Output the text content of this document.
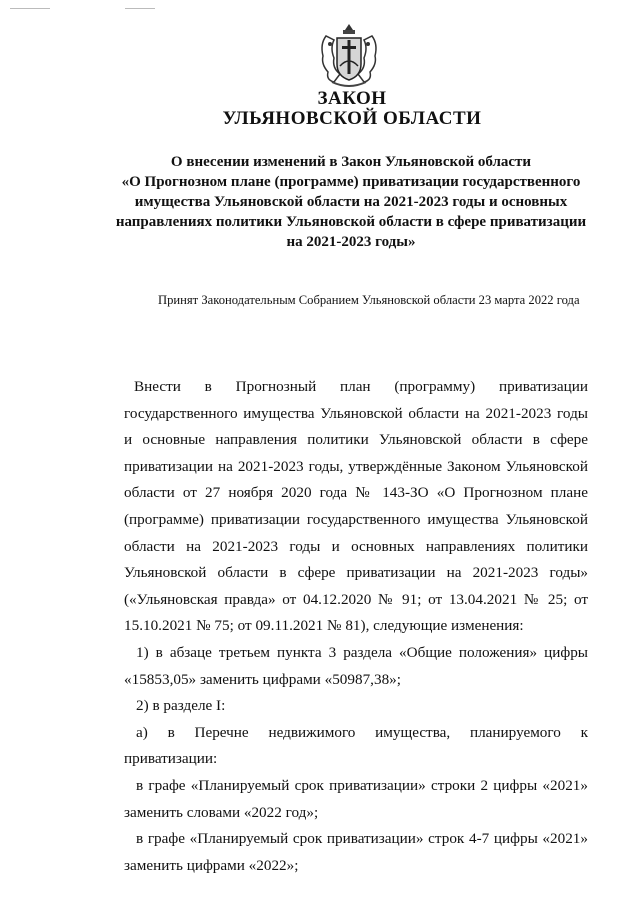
ЗАКОН
УЛЬЯНОВСКОЙ ОБЛАСТИ
О внесении изменений в Закон Ульяновской области
«О Прогнозном плане (программе) приватизации государственного
имущества Ульяновской области на 2021-2023 годы и основных
направлениях политики Ульяновской области в сфере приватизации
на 2021-2023 годы»
Принят Законодательным Собранием Ульяновской области 23 марта 2022 года
Внести в Прогнозный план (программу) приватизации государственного имущества Ульяновской области на 2021-2023 годы и основные направления политики Ульяновской области в сфере приватизации на 2021-2023 годы, утверждённые Законом Ульяновской области от 27 ноября 2020 года № 143-ЗО «О Прогнозном плане (программе) приватизации государственного имущества Ульяновской области на 2021-2023 годы и основных направлениях политики Ульяновской области в сфере приватизации на 2021-2023 годы» («Ульяновская правда» от 04.12.2020 № 91; от 13.04.2021 № 25; от 15.10.2021 № 75; от 09.11.2021 № 81), следующие изменения:
1) в абзаце третьем пункта 3 раздела «Общие положения» цифры «15853,05» заменить цифрами «50987,38»;
2) в разделе I:
а) в Перечне недвижимого имущества, планируемого к приватизации:
в графе «Планируемый срок приватизации» строки 2 цифры «2021» заменить словами «2022 год»;
в графе «Планируемый срок приватизации» строк 4-7 цифры «2021» заменить цифрами «2022»;
